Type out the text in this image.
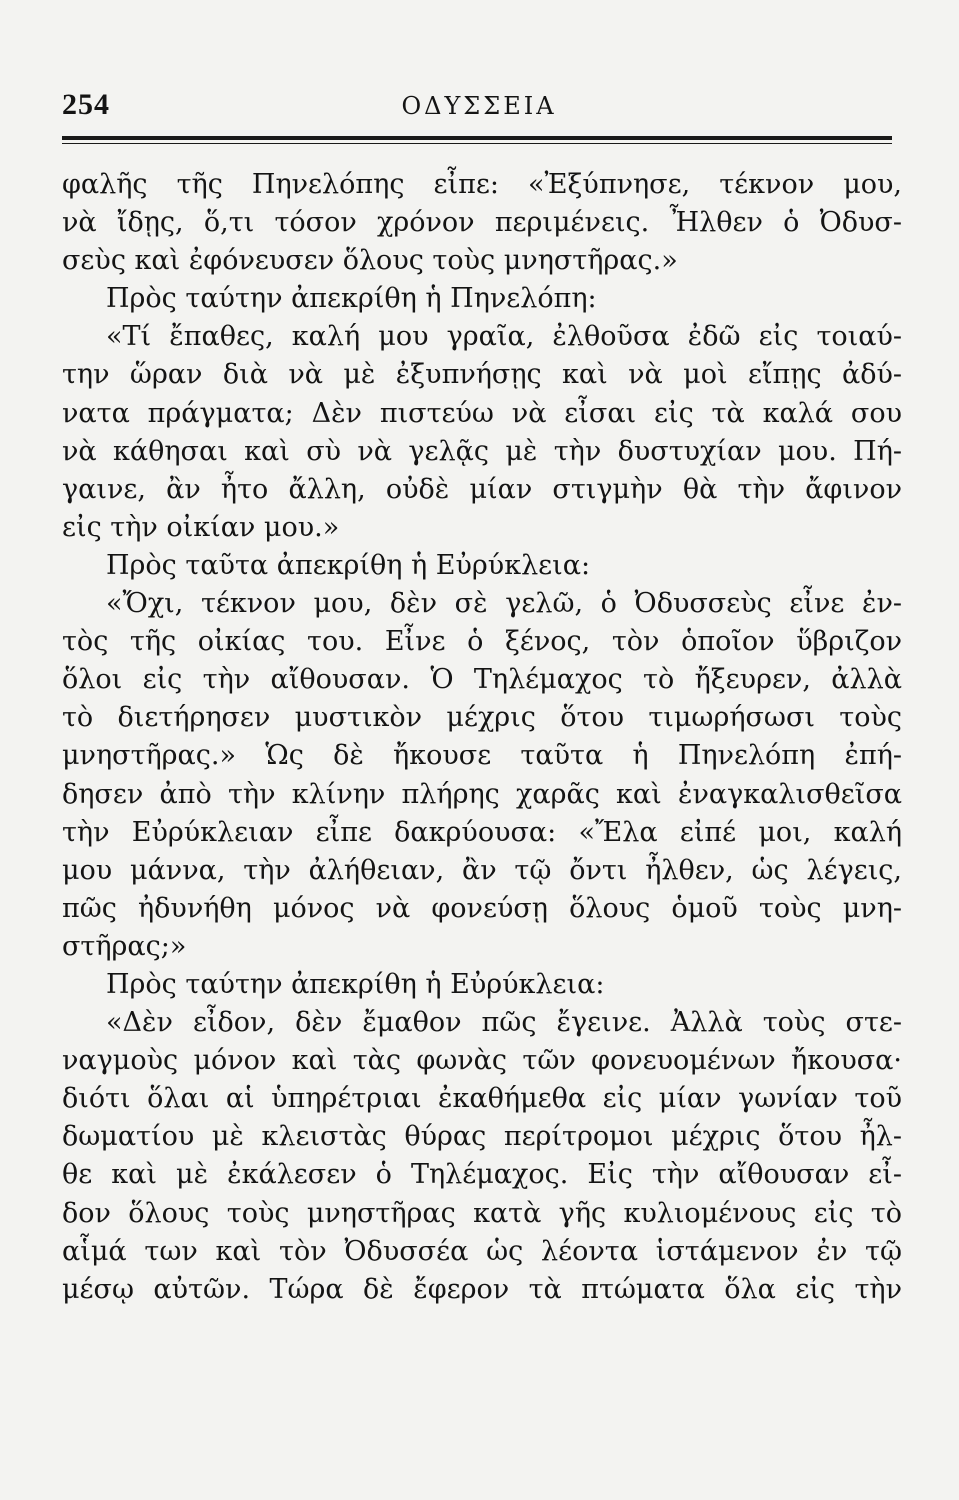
254	ΟΔΥΣΣΕΙΑ
φαλῆς τῆς Πηνελόπης εἶπε: «Ἐξύπνησε, τέκνον μου,
νὰ ἴδῃς, ὅ,τι τόσον χρόνον περιμένεις. Ἦλθεν ὁ Ὀδυσ-
σεὺς καὶ ἐφόνευσεν ὅλους τοὺς μνηστῆρας.»
Πρὸς ταύτην ἀπεκρίθη ἡ Πηνελόπη:
«Τί ἔπαθες, καλή μου γραῖα, ἐλθοῦσα ἐδῶ εἰς τοιαύ-
την ὥραν διὰ νὰ μὲ ἐξυπνήσῃς καὶ νὰ μοὶ εἴπῃς ἀδύ-
νατα πράγματα; Δὲν πιστεύω νὰ εἶσαι εἰς τὰ καλά σου
νὰ κάθησαι καὶ σὺ νὰ γελᾷς μὲ τὴν δυστυχίαν μου. Πή-
γαινε, ἂν ἦτο ἄλλη, οὐδὲ μίαν στιγμὴν θὰ τὴν ἄφινον
εἰς τὴν οἰκίαν μου.»
Πρὸς ταῦτα ἀπεκρίθη ἡ Εὐρύκλεια:
«Ὄχι, τέκνον μου, δὲν σὲ γελῶ, ὁ Ὀδυσσεὺς εἶνε ἐν-
τὸς τῆς οἰκίας του. Εἶνε ὁ ξένος, τὸν ὁποῖον ὕβριζον
ὅλοι εἰς τὴν αἴθουσαν. Ὁ Τηλέμαχος τὸ ἤξευρεν, ἀλλὰ
τὸ διετήρησεν μυστικὸν μέχρις ὅτου τιμωρήσωσι τοὺς
μνηστῆρας.» Ὡς δὲ ἤκουσε ταῦτα ἡ Πηνελόπη ἐπή-
δησεν ἀπὸ τὴν κλίνην πλήρης χαρᾶς καὶ ἐναγκαλισθεῖσα
τὴν Εὐρύκλειαν εἶπε δακρύουσα: «Ἔλα εἰπέ μοι, καλή
μου μάννα, τὴν ἀλήθειαν, ἂν τῷ ὄντι ἦλθεν, ὡς λέγεις,
πῶς ἠδυνήθη μόνος νὰ φονεύσῃ ὅλους ὁμοῦ τοὺς μνη-
στῆρας;»
Πρὸς ταύτην ἀπεκρίθη ἡ Εὐρύκλεια:
«Δὲν εἶδον, δὲν ἔμαθον πῶς ἔγεινε. Ἀλλὰ τοὺς στε-
ναγμοὺς μόνον καὶ τὰς φωνὰς τῶν φονευομένων ἤκουσα·
διότι ὅλαι αἱ ὑπηρέτριαι ἐκαθήμεθα εἰς μίαν γωνίαν τοῦ
δωματίου μὲ κλειστὰς θύρας περίτρομοι μέχρις ὅτου ἦλ-
θε καὶ μὲ ἐκάλεσεν ὁ Τηλέμαχος. Εἰς τὴν αἴθουσαν εἶ-
δον ὅλους τοὺς μνηστῆρας κατὰ γῆς κυλιομένους εἰς τὸ
αἷμά των καὶ τὸν Ὀδυσσέα ὡς λέοντα ἱστάμενον ἐν τῷ
μέσῳ αὐτῶν. Τώρα δὲ ἔφερον τὰ πτώματα ὅλα εἰς τὴν
